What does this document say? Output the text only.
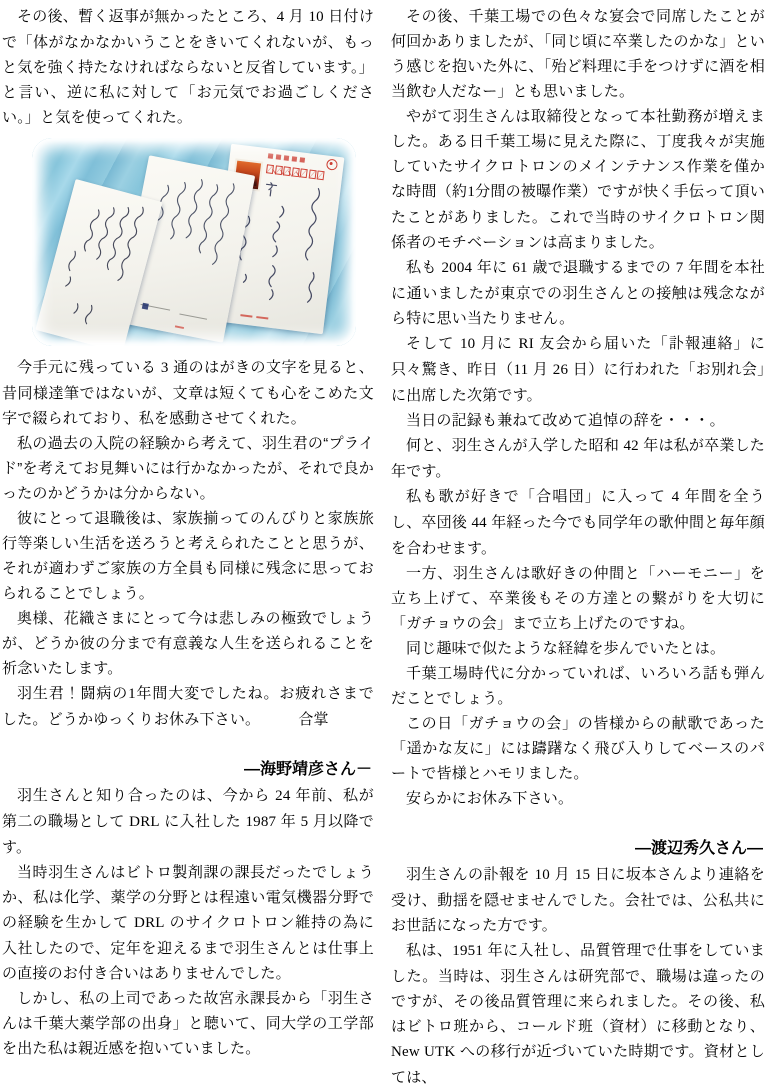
その後、暫く返事が無かったところ、4 月 10 日付けで「体がなかなかいうことをきいてくれないが、もっと気を強く持たなければならないと反省しています。」と言い、逆に私に対して「お元気でお過ごしください。」と気を使ってくれた。

今手元に残っている 3 通のはがきの文字を見ると、昔同様達筆ではないが、文章は短くても心をこめた文字で綴られており、私を感動させてくれた。

私の過去の入院の経験から考えて、羽生君の“プライド”を考えてお見舞いには行かなかったが、それで良かったのかどうかは分からない。

彼にとって退職後は、家族揃ってのんびりと家族旅行等楽しい生活を送ろうと考えられたことと思うが、それが適わずご家族の方全員も同様に残念に思っておられることでしょう。

奥様、花織さまにとって今は悲しみの極致でしょうが、どうか彼の分まで有意義な人生を送られることを祈念いたします。

羽生君！闘病の1年間大変でしたね。お疲れさまでした。どうかゆっくりお休み下さい。　　　合掌

—海野靖彦さん－

羽生さんと知り合ったのは、今から 24 年前、私が第二の職場として DRL に入社した 1987 年 5 月以降です。

当時羽生さんはビトロ製剤課の課長だったでしょうか、私は化学、薬学の分野とは程遠い電気機器分野での経験を生かして DRL のサイクロトロン維持の為に入社したので、定年を迎えるまで羽生さんとは仕事上の直接のお付き合いはありませんでした。

しかし、私の上司であった故宮永課長から「羽生さんは千葉大薬学部の出身」と聴いて、同大学の工学部を出た私は親近感を抱いていました。

その後、千葉工場での色々な宴会で同席したことが何回かありましたが、「同じ頃に卒業したのかな」という感じを抱いた外に、「殆ど料理に手をつけずに酒を相当飲む人だなー」とも思いました。

やがて羽生さんは取締役となって本社勤務が増えました。ある日千葉工場に見えた際に、丁度我々が実施していたサイクロトロンのメインテナンス作業を僅かな時間（約1分間の被曝作業）ですが快く手伝って頂いたことがありました。これで当時のサイクロトロン関係者のモチベーションは高まりました。

私も 2004 年に 61 歳で退職するまでの 7 年間を本社に通いましたが東京での羽生さんとの接触は残念ながら特に思い当たりません。

そして 10 月に RI 友会から届いた「訃報連絡」に只々驚き、昨日（11 月 26 日）に行われた「お別れ会」に出席した次第です。

当日の記録も兼ねて改めて追悼の辞を・・・。

何と、羽生さんが入学した昭和 42 年は私が卒業した年です。

私も歌が好きで「合唱団」に入って 4 年間を全うし、卒団後 44 年経った今でも同学年の歌仲間と毎年顔を合わせます。

一方、羽生さんは歌好きの仲間と「ハーモニー」を立ち上げて、卒業後もその方達との繋がりを大切に「ガチョウの会」まで立ち上げたのですね。

同じ趣味で似たような経緯を歩んでいたとは。

千葉工場時代に分かっていれば、いろいろ話も弾んだことでしょう。

この日「ガチョウの会」の皆様からの献歌であった「遥かな友に」には躊躇なく飛び入りしてベースのパートで皆様とハモリました。

安らかにお休み下さい。

—渡辺秀久さん—

羽生さんの訃報を 10 月 15 日に坂本さんより連絡を受け、動揺を隠せませんでした。会社では、公私共にお世話になった方です。

私は、1951 年に入社し、品質管理で仕事をしていました。当時は、羽生さんは研究部で、職場は違ったのですが、その後品質管理に来られました。その後、私はビトロ班から、コールド班（資材）に移動となり、New UTK への移行が近づいていた時期です。資材としては、
